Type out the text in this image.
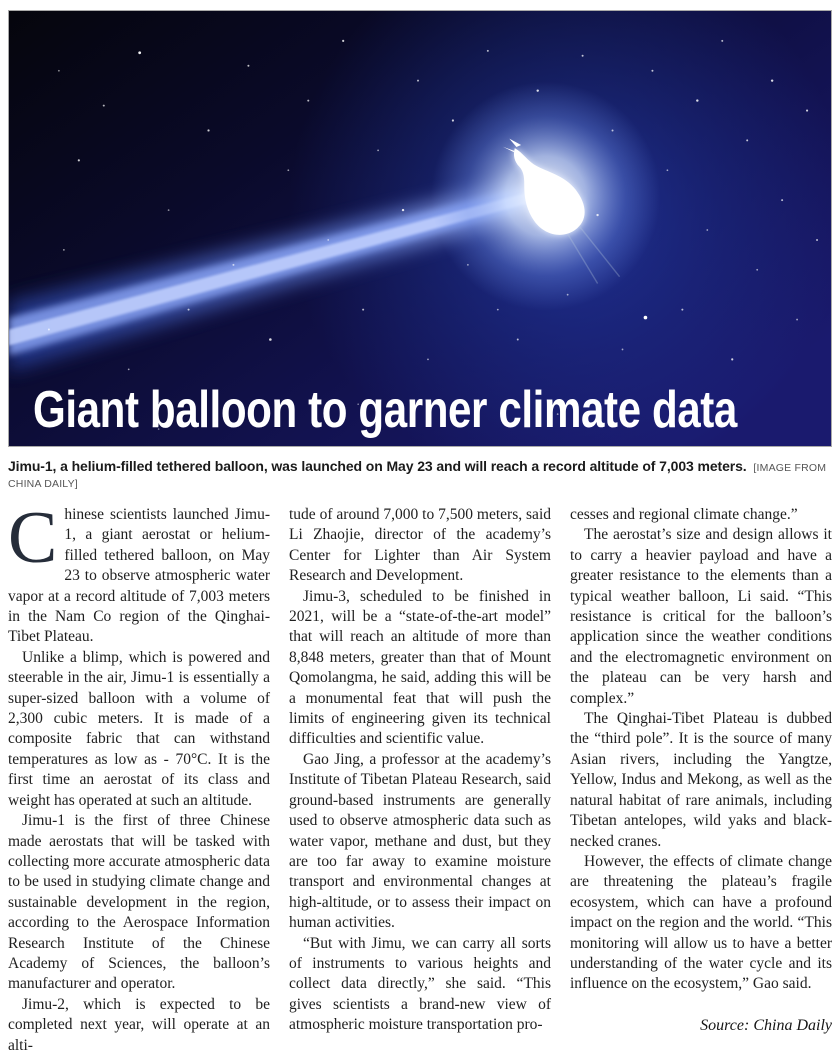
Giant balloon to garner climate data
Jimu-1, a helium-filled tethered balloon, was launched on May 23 and will reach a record altitude of 7,003 meters. [IMAGE FROM CHINA DAILY]

Chinese scientists launched Jimu-1, a giant aerostat or helium-filled tethered balloon, on May 23 to observe atmospheric water vapor at a record altitude of 7,003 meters in the Nam Co region of the Qinghai-Tibet Plateau.

Unlike a blimp, which is powered and steerable in the air, Jimu-1 is essentially a super-sized balloon with a volume of 2,300 cubic meters. It is made of a composite fabric that can withstand temperatures as low as - 70°C. It is the first time an aerostat of its class and weight has operated at such an altitude.

Jimu-1 is the first of three Chinese made aerostats that will be tasked with collecting more accurate atmospheric data to be used in studying climate change and sustainable development in the region, according to the Aerospace Information Research Institute of the Chinese Academy of Sciences, the balloon’s manufacturer and operator.

Jimu-2, which is expected to be completed next year, will operate at an alti-

tude of around 7,000 to 7,500 meters, said Li Zhaojie, director of the academy’s Center for Lighter than Air System Research and Development.

Jimu-3, scheduled to be finished in 2021, will be a “state-of-the-art model” that will reach an altitude of more than 8,848 meters, greater than that of Mount Qomolangma, he said, adding this will be a monumental feat that will push the limits of engineering given its technical difficulties and scientific value.

Gao Jing, a professor at the academy’s Institute of Tibetan Plateau Research, said ground-based instruments are generally used to observe atmospheric data such as water vapor, methane and dust, but they are too far away to examine moisture transport and environmental changes at high-altitude, or to assess their impact on human activities.

“But with Jimu, we can carry all sorts of instruments to various heights and collect data directly,” she said. “This gives scientists a brand-new view of atmospheric moisture transportation pro-

cesses and regional climate change.”

The aerostat’s size and design allows it to carry a heavier payload and have a greater resistance to the elements than a typical weather balloon, Li said. “This resistance is critical for the balloon’s application since the weather conditions and the electromagnetic environment on the plateau can be very harsh and complex.”

The Qinghai-Tibet Plateau is dubbed the “third pole”. It is the source of many Asian rivers, including the Yangtze, Yellow, Indus and Mekong, as well as the natural habitat of rare animals, including Tibetan antelopes, wild yaks and black-necked cranes.

However, the effects of climate change are threatening the plateau’s fragile ecosystem, which can have a profound impact on the region and the world. “This monitoring will allow us to have a better understanding of the water cycle and its influence on the ecosystem,” Gao said.

Source: China Daily
